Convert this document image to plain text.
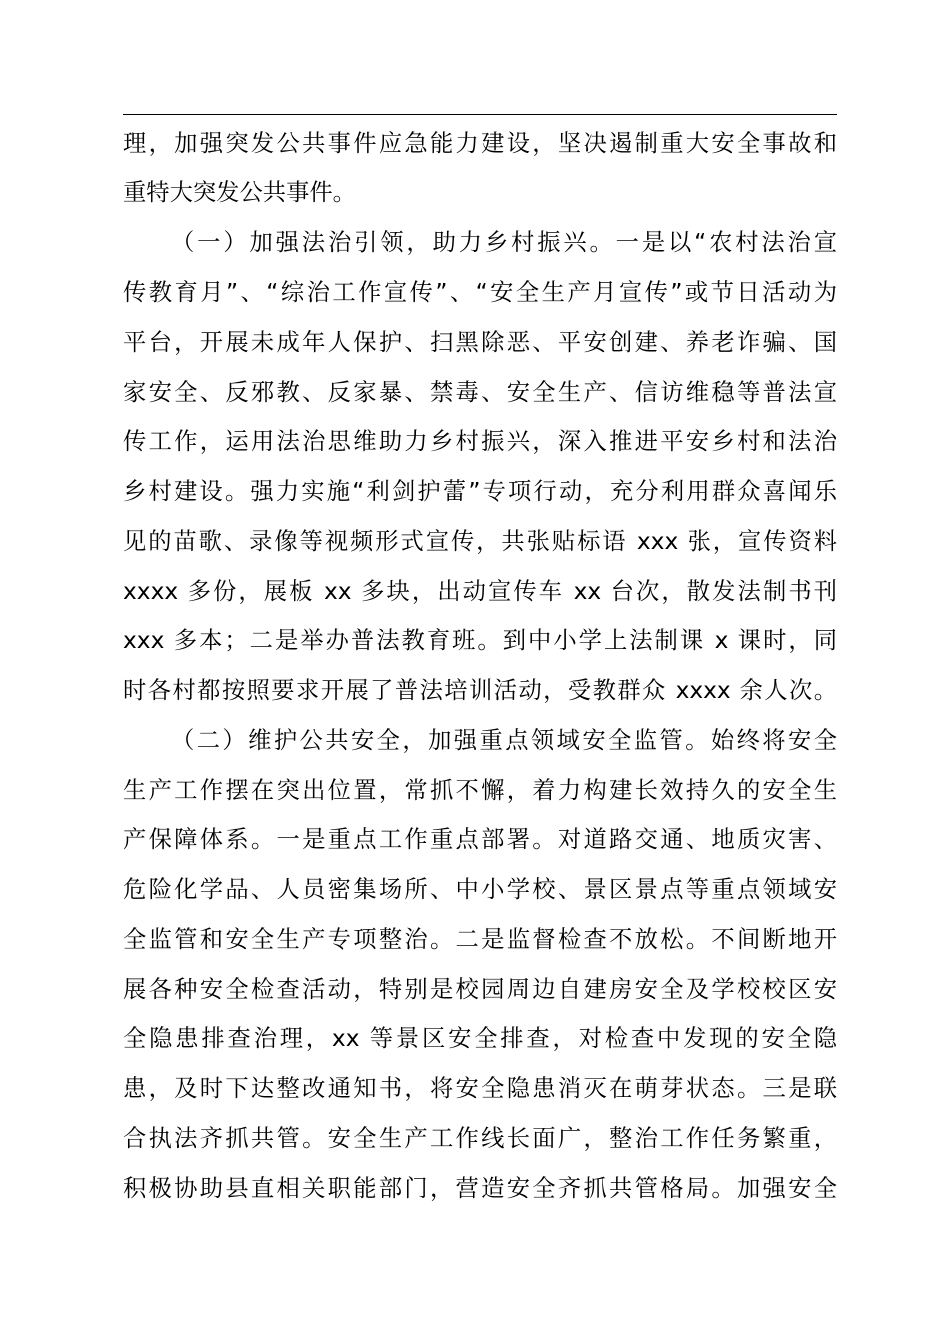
理，加强突发公共事件应急能力建设，坚决遏制重大安全事故和
重特大突发公共事件。
（一）加强法治引领，助力乡村振兴。一是以“农村法治宣
传教育月”、“综治工作宣传”、“安全生产月宣传”或节日活动为
平台，开展未成年人保护、扫黑除恶、平安创建、养老诈骗、国
家安全、反邪教、反家暴、禁毒、安全生产、信访维稳等普法宣
传工作，运用法治思维助力乡村振兴，深入推进平安乡村和法治
乡村建设。强力实施“利剑护蕾”专项行动，充分利用群众喜闻乐
见的苗歌、录像等视频形式宣传，共张贴标语 xxx 张，宣传资料
xxxx 多份，展板 xx 多块，出动宣传车 xx 台次，散发法制书刊
xxx 多本；二是举办普法教育班。到中小学上法制课 x 课时，同
时各村都按照要求开展了普法培训活动，受教群众 xxxx 余人次。
（二）维护公共安全，加强重点领域安全监管。始终将安全
生产工作摆在突出位置，常抓不懈，着力构建长效持久的安全生
产保障体系。一是重点工作重点部署。对道路交通、地质灾害、
危险化学品、人员密集场所、中小学校、景区景点等重点领域安
全监管和安全生产专项整治。二是监督检查不放松。不间断地开
展各种安全检查活动，特别是校园周边自建房安全及学校校区安
全隐患排查治理，xx 等景区安全排查，对检查中发现的安全隐
患，及时下达整改通知书，将安全隐患消灭在萌芽状态。三是联
合执法齐抓共管。安全生产工作线长面广，整治工作任务繁重，
积极协助县直相关职能部门，营造安全齐抓共管格局。加强安全
